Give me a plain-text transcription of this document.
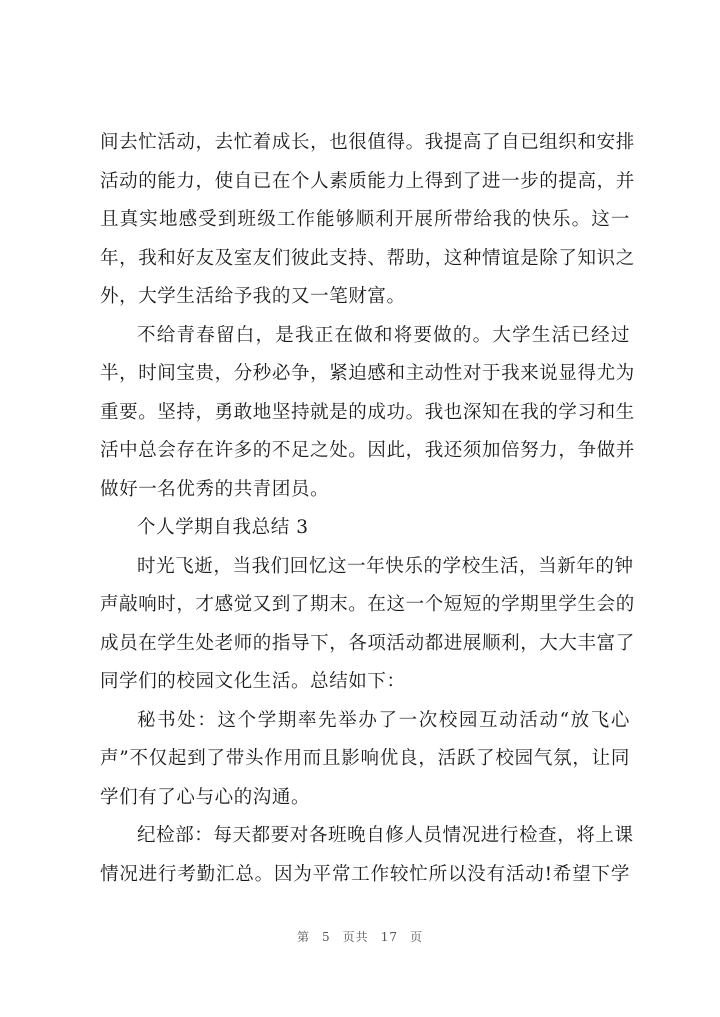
间去忙活动，去忙着成长，也很值得。我提高了自已组织和安排
活动的能力，使自已在个人素质能力上得到了进一步的提高，并
且真实地感受到班级工作能够顺利开展所带给我的快乐。这一
年，我和好友及室友们彼此支持、帮助，这种情谊是除了知识之
外，大学生活给予我的又一笔财富。
不给青春留白，是我正在做和将要做的。大学生活已经过
半，时间宝贵，分秒必争，紧迫感和主动性对于我来说显得尤为
重要。坚持，勇敢地坚持就是的成功。我也深知在我的学习和生
活中总会存在许多的不足之处。因此，我还须加倍努力，争做并
做好一名优秀的共青团员。
个人学期自我总结 3
时光飞逝，当我们回忆这一年快乐的学校生活，当新年的钟
声敲响时，才感觉又到了期末。在这一个短短的学期里学生会的
成员在学生处老师的指导下，各项活动都进展顺利，大大丰富了
同学们的校园文化生活。总结如下：
秘书处：这个学期率先举办了一次校园互动活动“放飞心
声”不仅起到了带头作用而且影响优良，活跃了校园气氛，让同
学们有了心与心的沟通。
纪检部：每天都要对各班晚自修人员情况进行检查，将上课
情况进行考勤汇总。因为平常工作较忙所以没有活动!希望下学
第 5 页共 17 页
